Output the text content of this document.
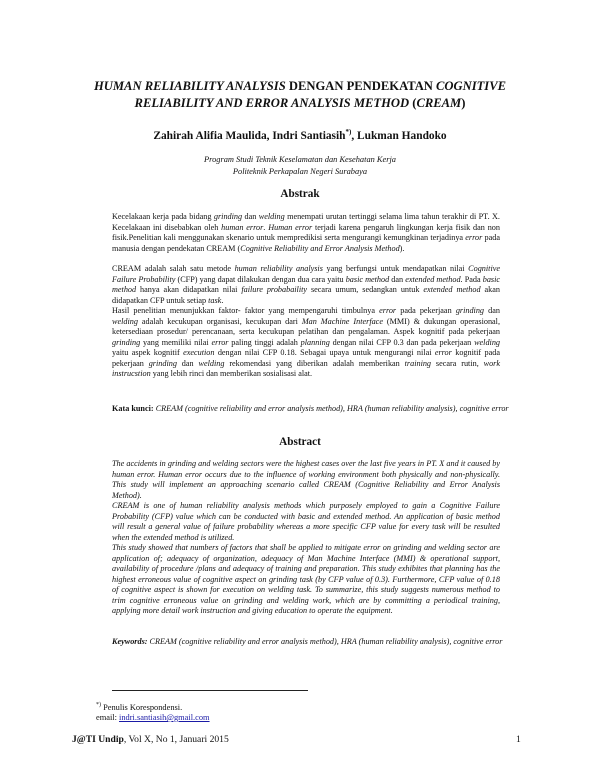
HUMAN RELIABILITY ANALYSIS DENGAN PENDEKATAN COGNITIVE
RELIABILITY AND ERROR ANALYSIS METHOD (CREAM)
Zahirah Alifia Maulida, Indri Santiasih*), Lukman Handoko
Program Studi Teknik Keselamatan dan Kesehatan Kerja
Politeknik Perkapalan Negeri Surabaya
Abstrak

Kecelakaan kerja pada bidang grinding dan welding menempati urutan tertinggi selama lima tahun terakhir di PT. X. Kecelakaan ini disebabkan oleh human error. Human error terjadi karena pengaruh lingkungan kerja fisik dan non fisik.Penelitian kali menggunakan skenario untuk mempredikisi serta mengurangi kemungkinan terjadinya error pada manusia dengan pendekatan CREAM (Cognitive Reliability and Error Analysis Method).

CREAM adalah salah satu metode human reliability analysis yang berfungsi untuk mendapatkan nilai Cognitive Failure Probability (CFP) yang dapat dilakukan dengan dua cara yaitu basic method dan extended method. Pada basic method hanya akan didapatkan nilai failure probabaility secara umum, sedangkan untuk extended method akan didapatkan CFP untuk setiap task.

Hasil penelitian menunjukkan faktor- faktor yang mempengaruhi timbulnya error pada pekerjaan grinding dan welding adalah kecukupan organisasi, kecukupan dari Man Machine Interface (MMI) & dukungan operasional, ketersediaan prosedur/ perencanaan, serta kecukupan pelatihan dan pengalaman. Aspek kognitif pada pekerjaan grinding yang memiliki nilai error paling tinggi adalah planning dengan nilai CFP 0.3 dan pada pekerjaan welding yaitu aspek kognitif execution dengan nilai CFP 0.18. Sebagai upaya untuk mengurangi nilai error kognitif pada pekerjaan grinding dan welding rekomendasi yang diberikan adalah memberikan training secara rutin, work instrucstion yang lebih rinci dan memberikan sosialisasi alat.

Kata kunci: CREAM (cognitive reliability and error analysis method), HRA (human reliability analysis), cognitive error
Abstract

The accidents in grinding and welding sectors were the highest cases over the last five years in PT. X and it caused by human error. Human error occurs due to the influence of working environment both physically and non-physically. This study will implement an approaching scenario called CREAM (Cognitive Reliability and Error Analysis Method).

CREAM is one of human reliability analysis methods which purposely employed to gain a Cognitive Failure Probability (CFP) value which can be conducted with basic and extended method. An application of basic method will result a general value of failure probability whereas a more specific CFP value for every task will be resulted when the extended method is utilized.

This study showed that numbers of factors that shall be applied to mitigate error on grinding and welding sector are application of; adequacy of organization, adequacy of Man Machine Interface (MMI) & operational support, availability of procedure /plans and adequacy of training and preparation. This study exhibites that planning has the highest erroneous value of cognitive aspect on grinding task (by CFP value of 0.3). Furthermore, CFP value of 0.18 of cognitive aspect is shown for execution on welding task. To summarize, this study suggests numerous method to trim cognitive erroneous value on grinding and welding work, which are by committing a periodical training, applying more detail work instruction and giving education to operate the equipment.

Keywords: CREAM (cognitive reliability and error analysis method), HRA (human reliability analysis), cognitive error
*) Penulis Korespondensi.
email: indri.santiasih@gmail.com
J@TI Undip, Vol X, No 1, Januari 2015	1
